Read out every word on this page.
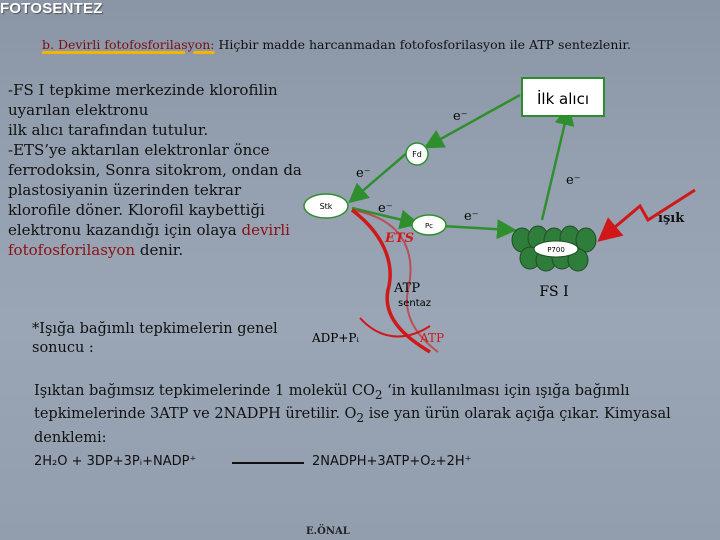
FOTOSENTEZ
b. Devirli fotofosforilasyon: Hiçbir madde harcanmadan fotofosforilasyon ile ATP sentezlenir.
-FS I tepkime merkezinde klorofilin uyarılan elektronu
ilk alıcı tarafından tutulur.
-ETS’ye aktarılan elektronlar önce ferrodoksin, Sonra sitokrom, ondan da plastosiyanin üzerinden tekrar klorofile döner. Klorofil kaybettiği elektronu kazandığı için olaya devirli fotofosforilasyon denir.
*Işığa bağımlı tepkimelerin genel sonucu :
İlk alıcı
Fd
Stk
Pc
ETS
e⁻
e⁻	e⁻
e⁻
e⁻
P700
ışık
FS I
ATP
sentaz
ADP+Pᵢ	ATP
Işıktan bağımsız tepkimelerinde 1 molekül $CO_2$ ‘in kullanılması için ışığa bağımlı tepkimelerinde 3ATP ve 2NADPH üretilir. $O_2$ ise yan ürün olarak açığa çıkar. Kimyasal denklemi:
2H₂O + 3DP+3Pᵢ+NADP⁺	2NADPH+3ATP+O₂+2H⁺
E.ÖNAL
